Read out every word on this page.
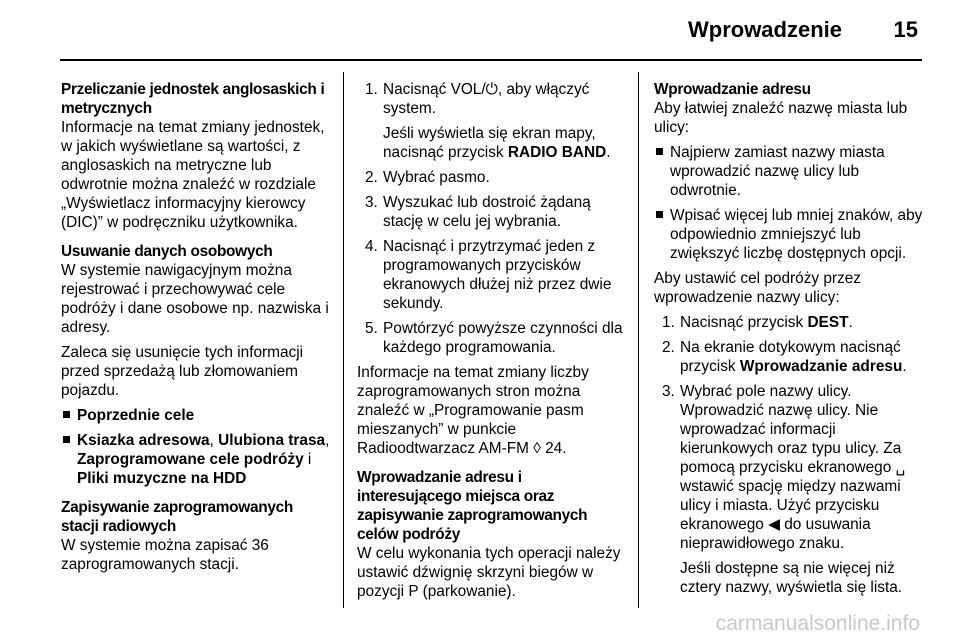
Wprowadzenie 15

Przeliczanie jednostek anglosaskich i metrycznych

Informacje na temat zmiany jednostek, w jakich wyświetlane są wartości, z anglosaskich na metryczne lub odwrotnie można znaleźć w rozdziale „Wyświetlacz informacyjny kierowcy (DIC)” w podręczniku użytkownika.

Usuwanie danych osobowych

W systemie nawigacyjnym można rejestrować i przechowywać cele podróży i dane osobowe np. nazwiska i adresy.

Zaleca się usunięcie tych informacji przed sprzedażą lub złomowaniem pojazdu.

Poprzednie cele
Ksiazka adresowa, Ulubiona trasa, Zaprogramowane cele podróży i Pliki muzyczne na HDD

Zapisywanie zaprogramowanych stacji radiowych

W systemie można zapisać 36 zaprogramowanych stacji.

1. Nacisnąć VOL/⏻, aby włączyć system.

Jeśli wyświetla się ekran mapy, nacisnąć przycisk RADIO BAND.

2. Wybrać pasmo.

3. Wyszukać lub dostroić żądaną stację w celu jej wybrania.

4. Nacisnąć i przytrzymać jeden z programowanych przycisków ekranowych dłużej niż przez dwie sekundy.

5. Powtórzyć powyższe czynności dla każdego programowania.

Informacje na temat zmiany liczby zaprogramowanych stron można znaleźć w „Programowanie pasm mieszanych” w punkcie Radioodtwarzacz AM-FM ◊ 24.

Wprowadzanie adresu i interesującego miejsca oraz zapisywanie zaprogramowanych celów podróży

W celu wykonania tych operacji należy ustawić dźwignię skrzyni biegów w pozycji P (parkowanie).

Wprowadzanie adresu

Aby łatwiej znaleźć nazwę miasta lub ulicy:

Najpierw zamiast nazwy miasta wprowadzić nazwę ulicy lub odwrotnie.
Wpisać więcej lub mniej znaków, aby odpowiednio zmniejszyć lub zwiększyć liczbę dostępnych opcji.

Aby ustawić cel podróży przez wprowadzenie nazwy ulicy:

1. Nacisnąć przycisk DEST.

2. Na ekranie dotykowym nacisnąć przycisk Wprowadzanie adresu.

3. Wybrać pole nazwy ulicy. Wprowadzić nazwę ulicy. Nie wprowadzać informacji kierunkowych oraz typu ulicy. Za pomocą przycisku ekranowego ␣ wstawić spację między nazwami ulicy i miasta. Użyć przycisku ekranowego ◀ do usuwania nieprawidłowego znaku.

Jeśli dostępne są nie więcej niż cztery nazwy, wyświetla się lista.

carmanualsonline.info
